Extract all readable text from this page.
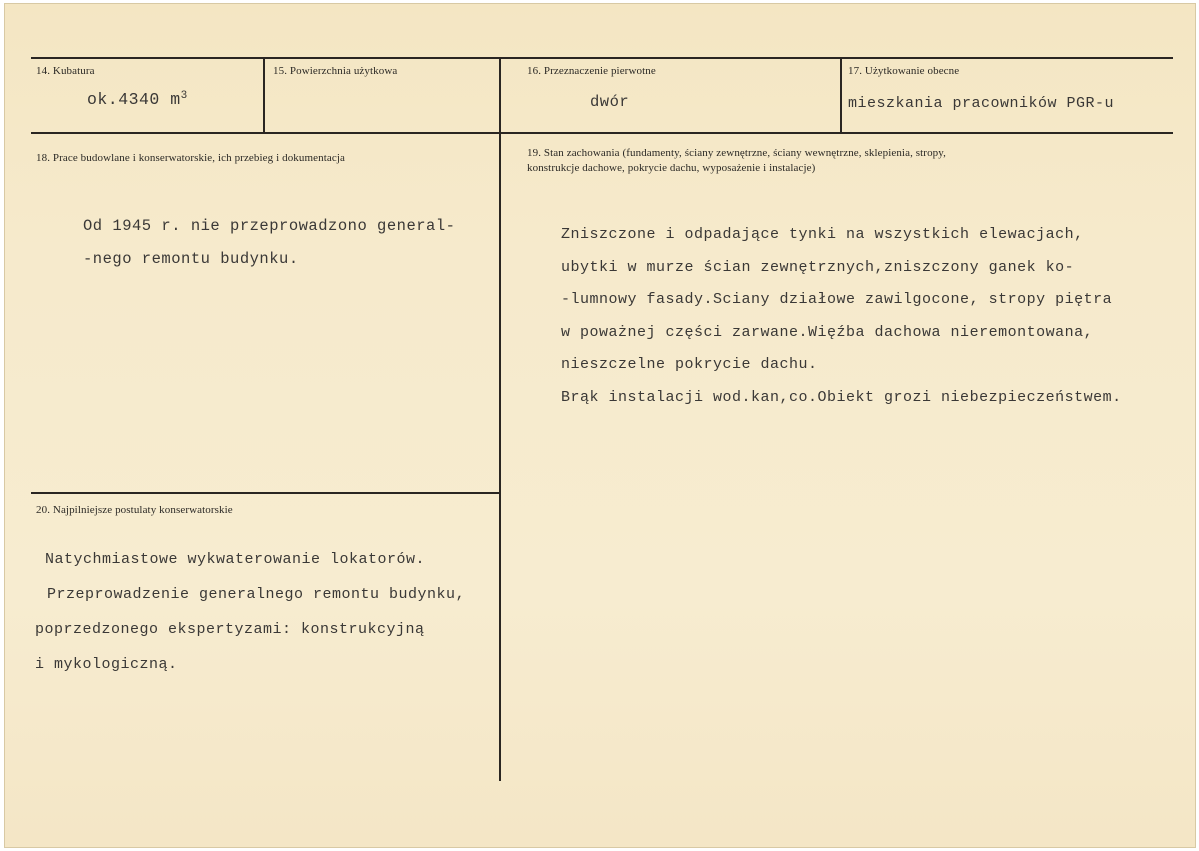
14. Kubatura
ok.4340 $m^3$
15. Powierzchnia użytkowa	16. Przeznaczenie pierwotne
dwór
17. Użytkowanie obecne
mieszkania pracowników PGR-u
18. Prace budowlane i konserwatorskie, ich przebieg i dokumentacja
Od 1945 r. nie przeprowadzono general-
-nego remontu budynku.
19. Stan zachowania (fundamenty, ściany zewnętrzne, ściany wewnętrzne, sklepienia, stropy,
konstrukcje dachowe, pokrycie dachu, wyposażenie i instalacje)
Zniszczone i odpadające tynki na wszystkich elewacjach,
ubytki w murze ścian zewnętrznych,zniszczony ganek ko-
-lumnowy fasady.Sciany działowe zawilgocone, stropy piętra
w poważnej części zarwane.Więźba dachowa nieremontowana,
nieszczelne pokrycie dachu.
Brąk instalacji wod.kan,co.Obiekt grozi niebezpieczeństwem.
20. Najpilniejsze postulaty konserwatorskie
Natychmiastowe wykwaterowanie lokatorów.
Przeprowadzenie generalnego remontu budynku,
poprzedzonego ekspertyzami: konstrukcyjną
i mykologiczną.
